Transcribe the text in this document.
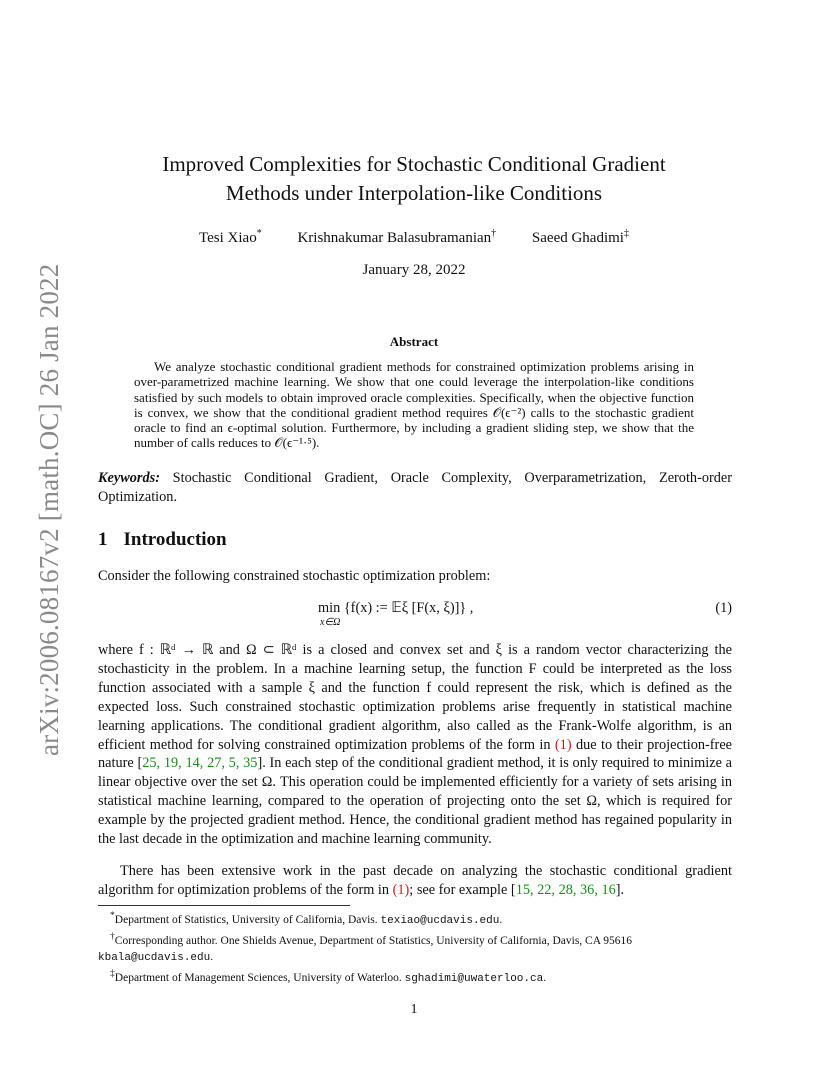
arXiv:2006.08167v2 [math.OC] 26 Jan 2022
Improved Complexities for Stochastic Conditional Gradient
Methods under Interpolation-like Conditions
Tesi Xiao* Krishnakumar Balasubramanian† Saeed Ghadimi‡
January 28, 2022
Abstract
We analyze stochastic conditional gradient methods for constrained optimization problems arising in over-parametrized machine learning. We show that one could leverage the interpolation-like conditions satisfied by such models to obtain improved oracle complexities. Specifically, when the objective function is convex, we show that the conditional gradient method requires 𝒪(ϵ⁻²) calls to the stochastic gradient oracle to find an ϵ-optimal solution. Furthermore, by including a gradient sliding step, we show that the number of calls reduces to 𝒪(ϵ⁻¹·⁵).
Keywords: Stochastic Conditional Gradient, Oracle Complexity, Overparametrization, Zeroth-order Optimization.
1 Introduction
Consider the following constrained stochastic optimization problem:
min {f(x) := 𝔼ξ [F(x, ξ)]} ,
x∈Ω
(1)
where f : ℝᵈ → ℝ and Ω ⊂ ℝᵈ is a closed and convex set and ξ is a random vector characterizing the stochasticity in the problem. In a machine learning setup, the function F could be interpreted as the loss function associated with a sample ξ and the function f could represent the risk, which is defined as the expected loss. Such constrained stochastic optimization problems arise frequently in statistical machine learning applications. The conditional gradient algorithm, also called as the Frank-Wolfe algorithm, is an efficient method for solving constrained optimization problems of the form in (1) due to their projection-free nature [25, 19, 14, 27, 5, 35]. In each step of the conditional gradient method, it is only required to minimize a linear objective over the set Ω. This operation could be implemented efficiently for a variety of sets arising in statistical machine learning, compared to the operation of projecting onto the set Ω, which is required for example by the projected gradient method. Hence, the conditional gradient method has regained popularity in the last decade in the optimization and machine learning community.
There has been extensive work in the past decade on analyzing the stochastic conditional gradient algorithm for optimization problems of the form in (1); see for example [15, 22, 28, 36, 16].

*Department of Statistics, University of California, Davis. texiao@ucdavis.edu.

†Corresponding author. One Shields Avenue, Department of Statistics, University of California, Davis, CA 95616 kbala@ucdavis.edu.

‡Department of Management Sciences, University of Waterloo. sghadimi@uwaterloo.ca.

1
